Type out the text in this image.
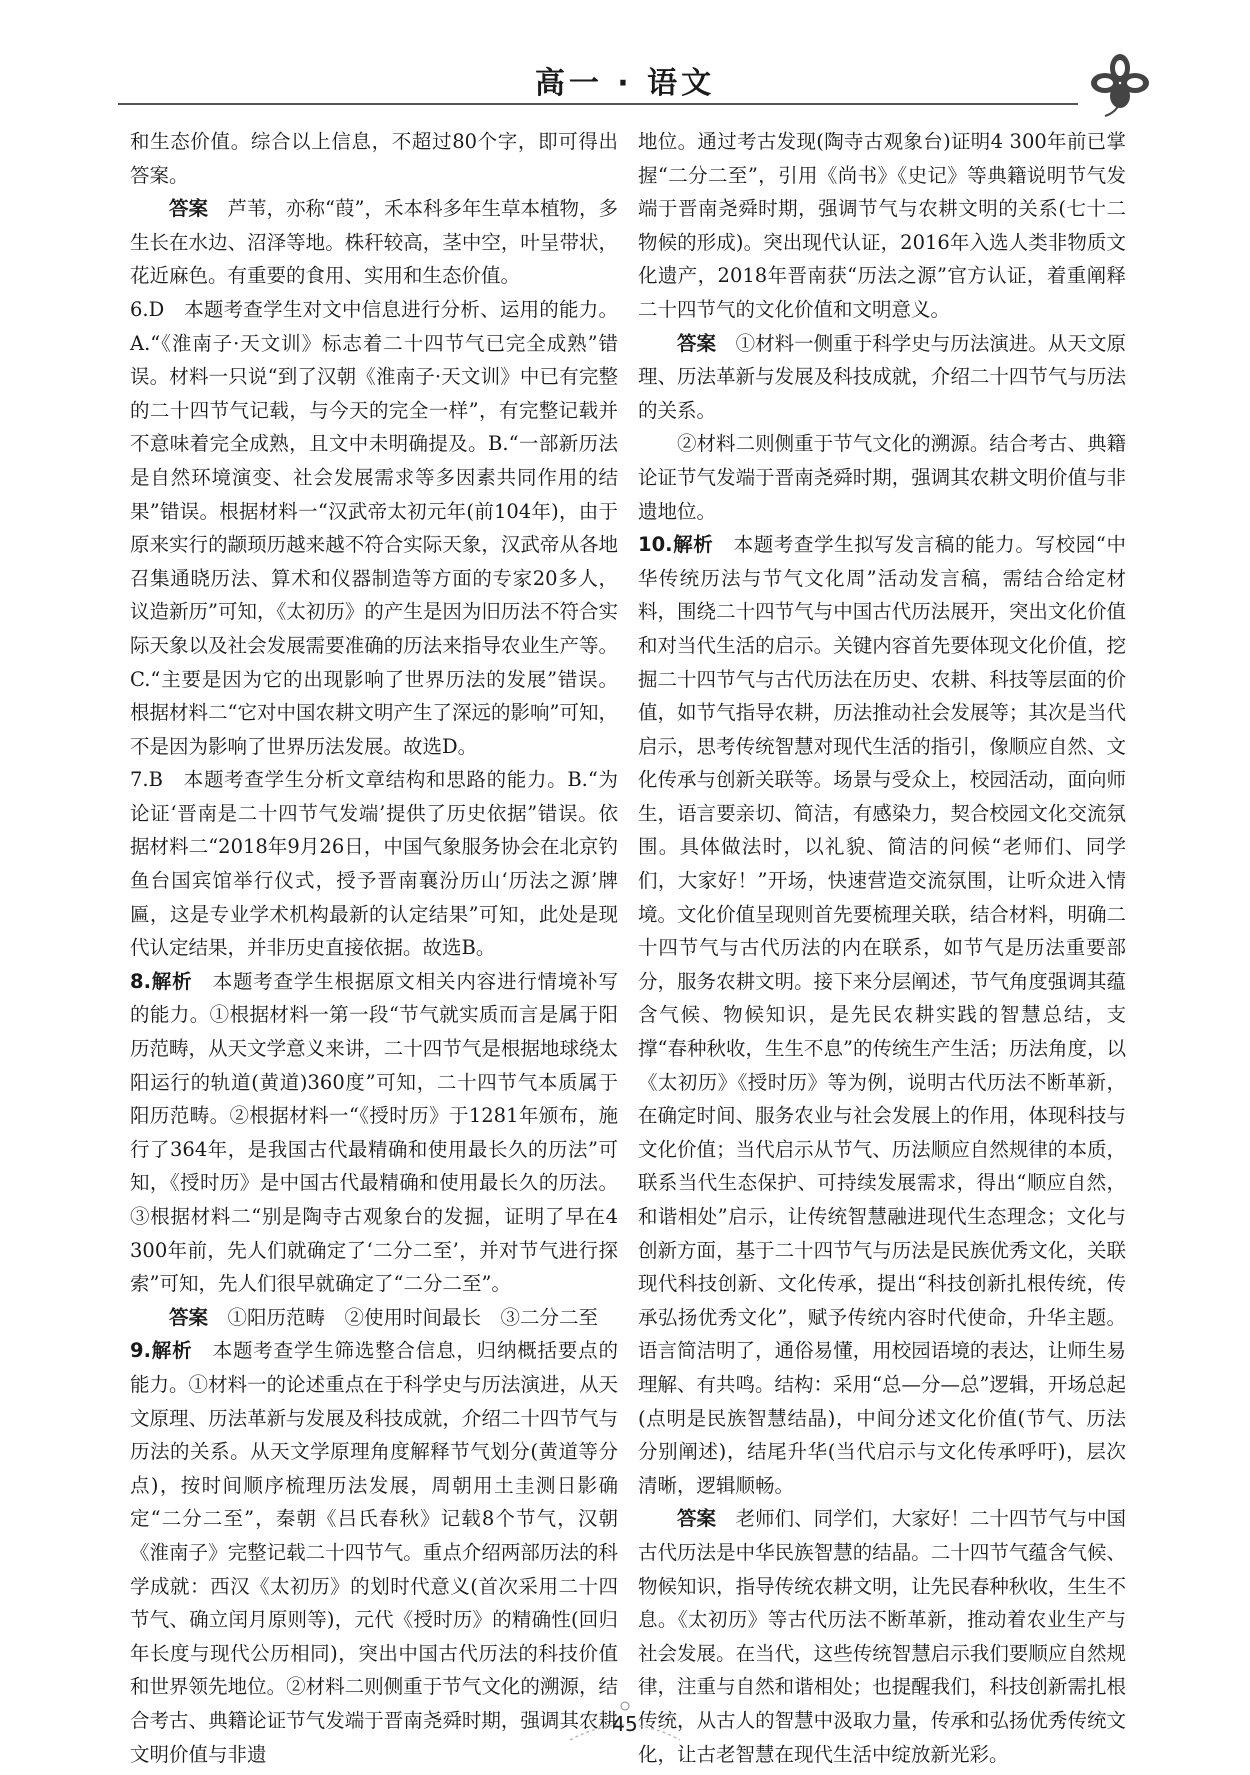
高一 · 语文

和生态价值。综合以上信息，不超过80个字，即可得出答案。

答案　 芦苇，亦称“葭”，禾本科多年生草本植物，多生长在水边、沼泽等地。株秆较高，茎中空，叶呈带状，花近麻色。有重要的食用、实用和生态价值。

6.D　本题考查学生对文中信息进行分析、运用的能力。A.“《淮南子·天文训》标志着二十四节气已完全成熟”错误。材料一只说“到了汉朝《淮南子·天文训》中已有完整的二十四节气记载，与今天的完全一样”，有完整记载并不意味着完全成熟，且文中未明确提及。B.“一部新历法是自然环境演变、社会发展需求等多因素共同作用的结果”错误。根据材料一“汉武帝太初元年(前104年)，由于原来实行的颛顼历越来越不符合实际天象，汉武帝从各地召集通晓历法、算术和仪器制造等方面的专家20多人，议造新历”可知，《太初历》的产生是因为旧历法不符合实际天象以及社会发展需要准确的历法来指导农业生产等。C.“主要是因为它的出现影响了世界历法的发展”错误。根据材料二“它对中国农耕文明产生了深远的影响”可知，不是因为影响了世界历法发展。故选D。

7.B　本题考查学生分析文章结构和思路的能力。B.“为论证‘晋南是二十四节气发端’提供了历史依据”错误。依据材料二“2018年9月26日，中国气象服务协会在北京钓鱼台国宾馆举行仪式，授予晋南襄汾历山‘历法之源’牌匾，这是专业学术机构最新的认定结果”可知，此处是现代认定结果，并非历史直接依据。故选B。

8.解析　 本题考查学生根据原文相关内容进行情境补写的能力。①根据材料一第一段“节气就实质而言是属于阳历范畴，从天文学意义来讲，二十四节气是根据地球绕太阳运行的轨道(黄道)360度”可知，二十四节气本质属于阳历范畴。②根据材料一“《授时历》于1281年颁布，施行了364年，是我国古代最精确和使用最长久的历法”可知，《授时历》是中国古代最精确和使用最长久的历法。③根据材料二“别是陶寺古观象台的发掘，证明了早在4 300年前，先人们就确定了‘二分二至’，并对节气进行探索”可知，先人们很早就确定了“二分二至”。

答案　 ①阳历范畴　②使用时间最长　③二分二至

9.解析　 本题考查学生筛选整合信息，归纳概括要点的能力。①材料一的论述重点在于科学史与历法演进，从天文原理、历法革新与发展及科技成就，介绍二十四节气与历法的关系。从天文学原理角度解释节气划分(黄道等分点)，按时间顺序梳理历法发展，周朝用土圭测日影确定“二分二至”，秦朝《吕氏春秋》记载8个节气，汉朝《淮南子》完整记载二十四节气。重点介绍两部历法的科学成就：西汉《太初历》的划时代意义(首次采用二十四节气、确立闰月原则等)，元代《授时历》的精确性(回归年长度与现代公历相同)，突出中国古代历法的科技价值和世界领先地位。②材料二则侧重于节气文化的溯源，结合考古、典籍论证节气发端于晋南尧舜时期，强调其农耕文明价值与非遗

地位。通过考古发现(陶寺古观象台)证明4 300年前已掌握“二分二至”，引用《尚书》《史记》等典籍说明节气发端于晋南尧舜时期，强调节气与农耕文明的关系(七十二物候的形成)。突出现代认证，2016年入选人类非物质文化遗产，2018年晋南获“历法之源”官方认证，着重阐释二十四节气的文化价值和文明意义。

答案　 ①材料一侧重于科学史与历法演进。从天文原理、历法革新与发展及科技成就，介绍二十四节气与历法的关系。

②材料二则侧重于节气文化的溯源。结合考古、典籍论证节气发端于晋南尧舜时期，强调其农耕文明价值与非遗地位。

10.解析　 本题考查学生拟写发言稿的能力。写校园“中华传统历法与节气文化周”活动发言稿，需结合给定材料，围绕二十四节气与中国古代历法展开，突出文化价值和对当代生活的启示。关键内容首先要体现文化价值，挖掘二十四节气与古代历法在历史、农耕、科技等层面的价值，如节气指导农耕，历法推动社会发展等；其次是当代启示，思考传统智慧对现代生活的指引，像顺应自然、文化传承与创新关联等。场景与受众上，校园活动，面向师生，语言要亲切、简洁，有感染力，契合校园文化交流氛围。具体做法时，以礼貌、简洁的问候“老师们、同学们，大家好！”开场，快速营造交流氛围，让听众进入情境。文化价值呈现则首先要梳理关联，结合材料，明确二十四节气与古代历法的内在联系，如节气是历法重要部分，服务农耕文明。接下来分层阐述，节气角度强调其蕴含气候、物候知识，是先民农耕实践的智慧总结，支撑“春种秋收，生生不息”的传统生产生活；历法角度，以《太初历》《授时历》等为例，说明古代历法不断革新，在确定时间、服务农业与社会发展上的作用，体现科技与文化价值；当代启示从节气、历法顺应自然规律的本质，联系当代生态保护、可持续发展需求，得出“顺应自然，和谐相处”启示，让传统智慧融进现代生态理念；文化与创新方面，基于二十四节气与历法是民族优秀文化，关联现代科技创新、文化传承，提出“科技创新扎根传统，传承弘扬优秀文化”，赋予传统内容时代使命，升华主题。语言简洁明了，通俗易懂，用校园语境的表达，让师生易理解、有共鸣。结构：采用“总—分—总”逻辑，开场总起(点明是民族智慧结晶)，中间分述文化价值(节气、历法分别阐述)，结尾升华(当代启示与文化传承呼吁)，层次清晰，逻辑顺畅。

答案　 老师们、同学们，大家好！二十四节气与中国古代历法是中华民族智慧的结晶。二十四节气蕴含气候、物候知识，指导传统农耕文明，让先民春种秋收，生生不息。《太初历》等古代历法不断革新，推动着农业生产与社会发展。在当代，这些传统智慧启示我们要顺应自然规律，注重与自然和谐相处；也提醒我们，科技创新需扎根传统，从古人的智慧中汲取力量，传承和弘扬优秀传统文化，让古老智慧在现代生活中绽放新光彩。

45
